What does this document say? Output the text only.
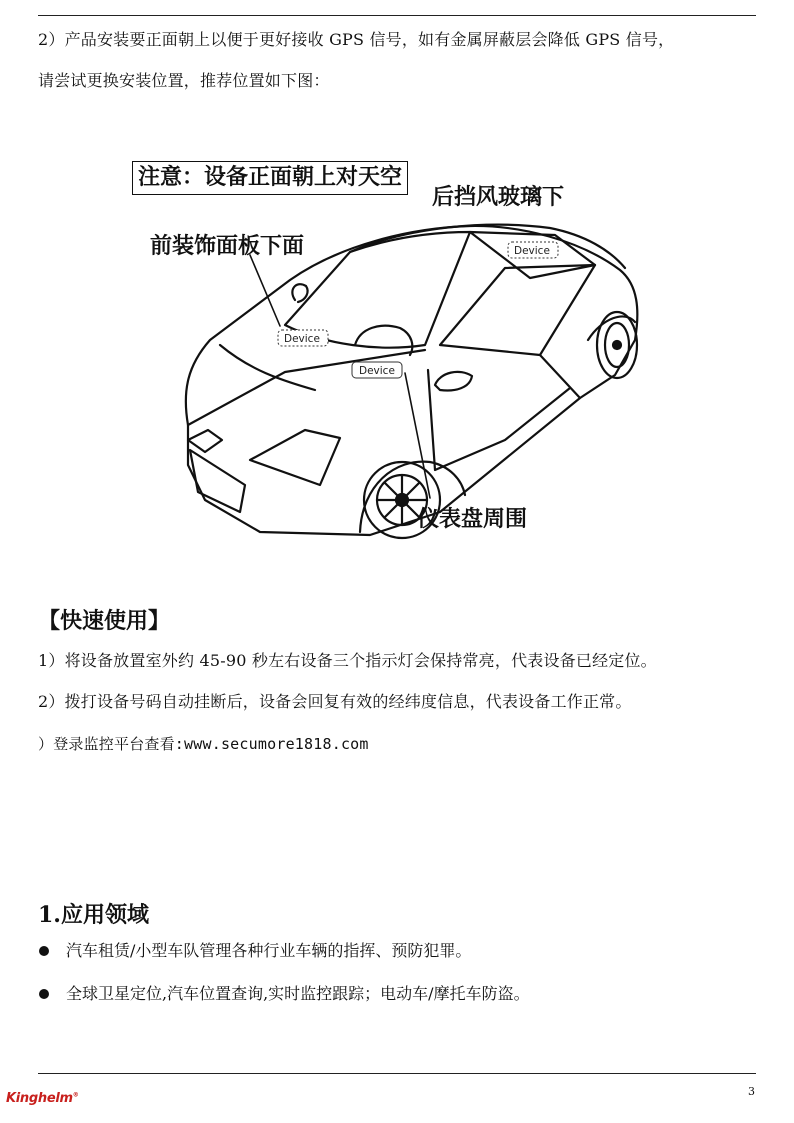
2）产品安装要正面朝上以便于更好接收 GPS 信号，如有金属屏蔽层会降低 GPS 信号，
请尝试更换安装位置，推荐位置如下图：
Device
Device
Device
注意：设备正面朝上对天空
后挡风玻璃下
前装饰面板下面
仪表盘周围
【快速使用】
1）将设备放置室外约 45-90 秒左右设备三个指示灯会保持常亮，代表设备已经定位。
2）拨打设备号码自动挂断后，设备会回复有效的经纬度信息，代表设备工作正常。
）登录监控平台查看:www.secumore1818.com
1.应用领域
汽车租赁/小型车队管理各种行业车辆的指挥、预防犯罪。
全球卫星定位,汽车位置查询,实时监控跟踪；电动车/摩托车防盗。
Kinghelm®	3
